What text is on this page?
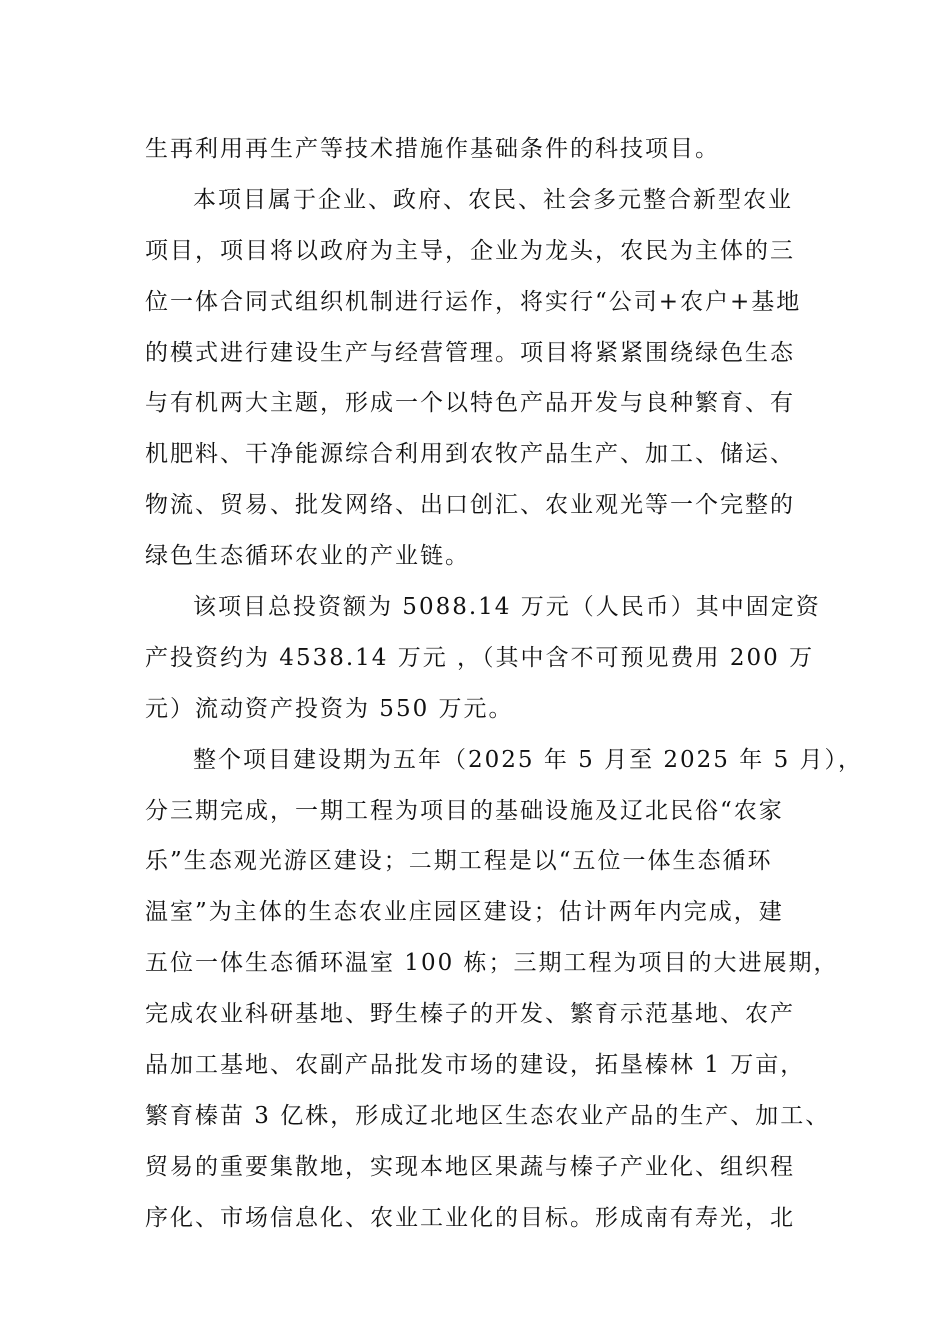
生再利用再生产等技术措施作基础条件的科技项目。
本项目属于企业、政府、农民、社会多元整合新型农业
项目，项目将以政府为主导，企业为龙头，农民为主体的三
位一体合同式组织机制进行运作，将实行“公司+农户+基地
的模式进行建设生产与经营管理。项目将紧紧围绕绿色生态
与有机两大主题，形成一个以特色产品开发与良种繁育、有
机肥料、干净能源综合利用到农牧产品生产、加工、储运、
物流、贸易、批发网络、出口创汇、农业观光等一个完整的
绿色生态循环农业的产业链。
该项目总投资额为 5088.14 万元（人民币）其中固定资
产投资约为 4538.14 万元 ，（其中含不可预见费用 200 万
元）流动资产投资为 550 万元。
整个项目建设期为五年（2025 年 5 月至 2025 年 5 月），
分三期完成，一期工程为项目的基础设施及辽北民俗“农家
乐”生态观光游区建设；二期工程是以“五位一体生态循环
温室”为主体的生态农业庄园区建设；估计两年内完成，建
五位一体生态循环温室 100 栋；三期工程为项目的大进展期，
完成农业科研基地、野生榛子的开发、繁育示范基地、农产
品加工基地、农副产品批发市场的建设，拓垦榛林 1 万亩，
繁育榛苗 3 亿株，形成辽北地区生态农业产品的生产、加工、
贸易的重要集散地，实现本地区果蔬与榛子产业化、组织程
序化、市场信息化、农业工业化的目标。形成南有寿光，北
